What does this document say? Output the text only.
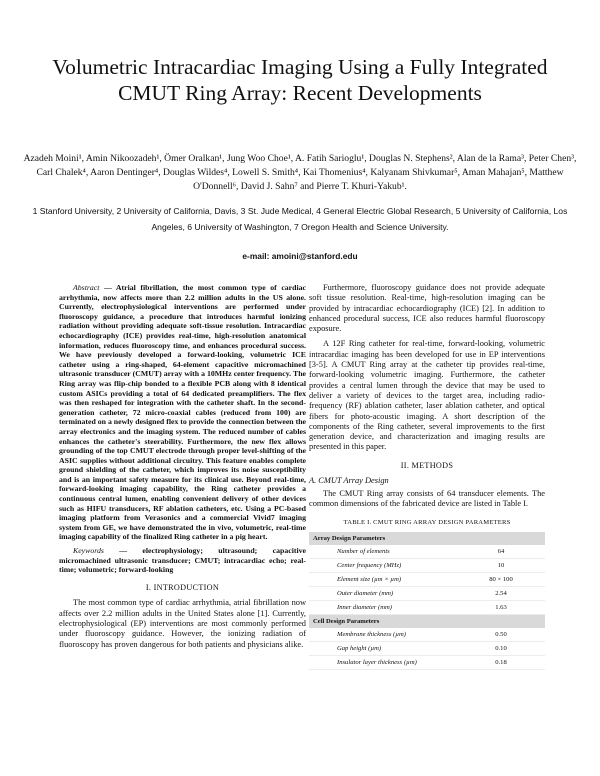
Volumetric Intracardiac Imaging Using a Fully Integrated CMUT Ring Array: Recent Developments
Azadeh Moini¹, Amin Nikoozadeh¹, Ömer Oralkan¹, Jung Woo Choe¹, A. Fatih Sarioglu¹, Douglas N. Stephens², Alan de la Rama³, Peter Chen³, Carl Chalek⁴, Aaron Dentinger⁴, Douglas Wildes⁴, Lowell S. Smith⁴, Kai Thomenius⁴, Kalyanam Shivkumar⁵, Aman Mahajan⁵, Matthew O'Donnell⁶, David J. Sahn⁷ and Pierre T. Khuri-Yakub¹.
1 Stanford University, 2 University of California, Davis, 3 St. Jude Medical, 4 General Electric Global Research, 5 University of California, Los Angeles, 6 University of Washington, 7 Oregon Health and Science University.
e-mail: amoini@stanford.edu

Abstract — Atrial fibrillation, the most common type of cardiac arrhythmia, now affects more than 2.2 million adults in the US alone. Currently, electrophysiological interventions are performed under fluoroscopy guidance, a procedure that introduces harmful ionizing radiation without providing adequate soft-tissue resolution. Intracardiac echocardiography (ICE) provides real-time, high-resolution anatomical information, reduces fluoroscopy time, and enhances procedural success. We have previously developed a forward-looking, volumetric ICE catheter using a ring-shaped, 64-element capacitive micromachined ultrasonic transducer (CMUT) array with a 10MHz center frequency. The Ring array was flip-chip bonded to a flexible PCB along with 8 identical custom ASICs providing a total of 64 dedicated preamplifiers. The flex was then reshaped for integration with the catheter shaft. In the second-generation catheter, 72 micro-coaxial cables (reduced from 100) are terminated on a newly designed flex to provide the connection between the array electronics and the imaging system. The reduced number of cables enhances the catheter's steerability. Furthermore, the new flex allows grounding of the top CMUT electrode through proper level-shifting of the ASIC supplies without additional circuitry. This feature enables complete ground shielding of the catheter, which improves its noise susceptibility and is an important safety measure for its clinical use. Beyond real-time, forward-looking imaging capability, the Ring catheter provides a continuous central lumen, enabling convenient delivery of other devices such as HIFU transducers, RF ablation catheters, etc. Using a PC-based imaging platform from Verasonics and a commercial Vivid7 imaging system from GE, we have demonstrated the in vivo, volumetric, real-time imaging capability of the finalized Ring catheter in a pig heart.

Keywords — electrophysiology; ultrasound; capacitive micromachined ultrasonic transducer; CMUT; intracardiac echo; real-time; volumetric; forward-looking

I. INTRODUCTION

The most common type of cardiac arrhythmia, atrial fibrillation now affects over 2.2 million adults in the United States alone [1]. Currently, electrophysiological (EP) interventions are most commonly performed under fluoroscopy guidance. However, the ionizing radiation of fluoroscopy has proven dangerous for both patients and physicians alike.

Furthermore, fluoroscopy guidance does not provide adequate soft tissue resolution. Real-time, high-resolution imaging can be provided by intracardiac echocardiography (ICE) [2]. In addition to enhanced procedural success, ICE also reduces harmful fluoroscopy exposure.

A 12F Ring catheter for real-time, forward-looking, volumetric intracardiac imaging has been developed for use in EP interventions [3-5]. A CMUT Ring array at the catheter tip provides real-time, forward-looking volumetric imaging. Furthermore, the catheter provides a central lumen through the device that may be used to deliver a variety of devices to the target area, including radio-frequency (RF) ablation catheter, laser ablation catheter, and optical fibers for photo-acoustic imaging. A short description of the components of the Ring catheter, several improvements to the first generation device, and characterization and imaging results are presented in this paper.

II. METHODS
A. CMUT Array Design

The CMUT Ring array consists of 64 transducer elements. The common dimensions of the fabricated device are listed in Table I.

TABLE I. CMUT RING ARRAY DESIGN PARAMETERS
Array Design Parameters	
Number of elements	64
Center frequency (MHz)	10
Element size (µm × µm)	80 × 100
Outer diameter (mm)	2.54
Inner diameter (mm)	1.63
Cell Design Parameters	
Membrane thickness (µm)	0.50
Gap height (µm)	0.10
Insulator layer thickness (µm)	0.18
